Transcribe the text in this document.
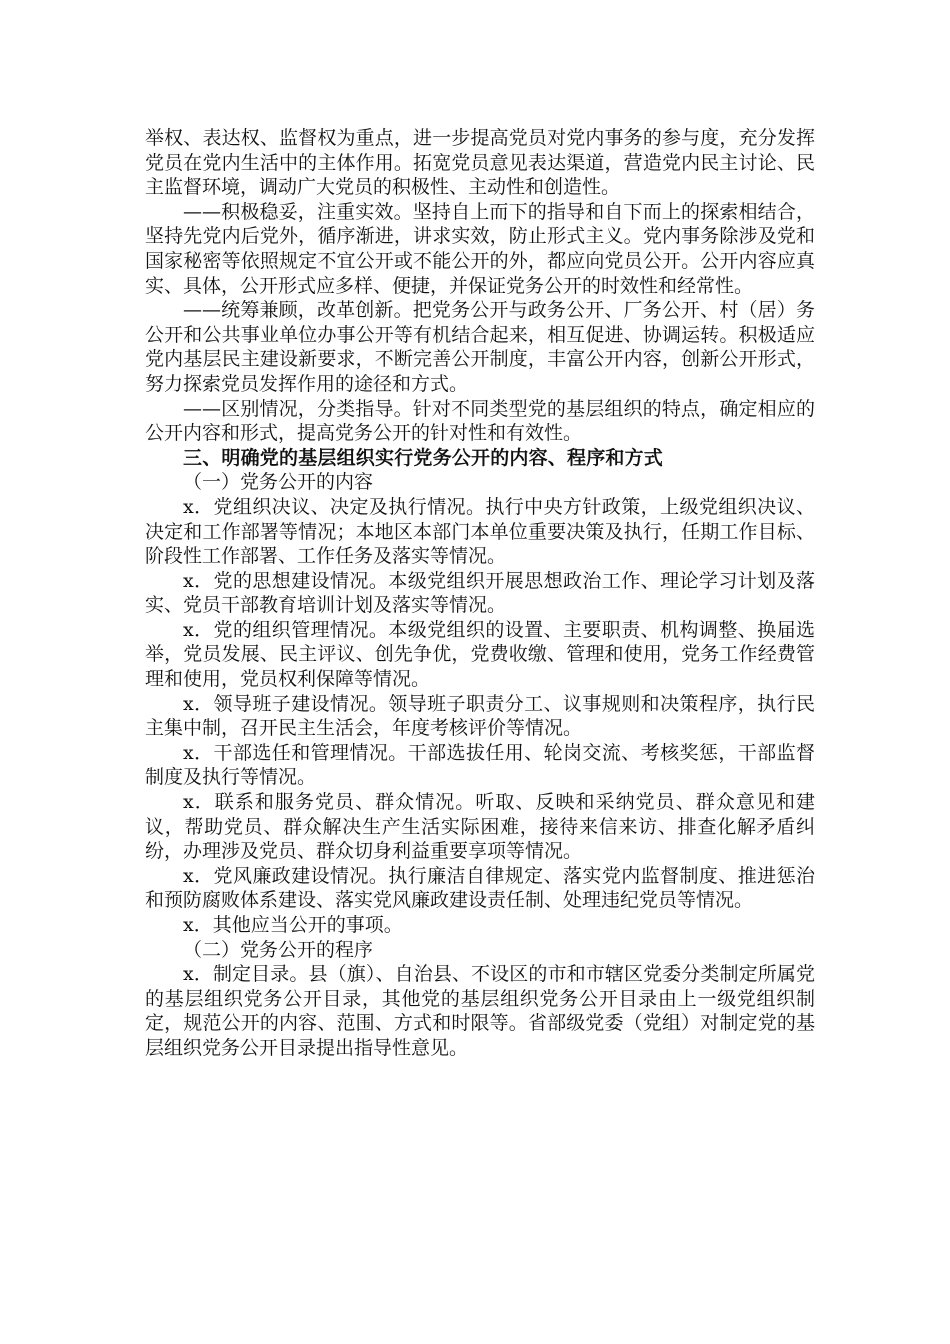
举权、表达权、监督权为重点，进一步提高党员对党内事务的参与度，充分发挥党员在党内生活中的主体作用。拓宽党员意见表达渠道，营造党内民主讨论、民主监督环境，调动广大党员的积极性、主动性和创造性。

——积极稳妥，注重实效。坚持自上而下的指导和自下而上的探索相结合，坚持先党内后党外，循序渐进，讲求实效，防止形式主义。党内事务除涉及党和国家秘密等依照规定不宜公开或不能公开的外，都应向党员公开。公开内容应真实、具体，公开形式应多样、便捷，并保证党务公开的时效性和经常性。

——统筹兼顾，改革创新。把党务公开与政务公开、厂务公开、村（居）务公开和公共事业单位办事公开等有机结合起来，相互促进、协调运转。积极适应党内基层民主建设新要求，不断完善公开制度，丰富公开内容，创新公开形式，努力探索党员发挥作用的途径和方式。

——区别情况，分类指导。针对不同类型党的基层组织的特点，确定相应的公开内容和形式，提高党务公开的针对性和有效性。

三、明确党的基层组织实行党务公开的内容、程序和方式

（一）党务公开的内容

x．党组织决议、决定及执行情况。执行中央方针政策，上级党组织决议、决定和工作部署等情况；本地区本部门本单位重要决策及执行，任期工作目标、阶段性工作部署、工作任务及落实等情况。

x．党的思想建设情况。本级党组织开展思想政治工作、理论学习计划及落实、党员干部教育培训计划及落实等情况。

x．党的组织管理情况。本级党组织的设置、主要职责、机构调整、换届选举，党员发展、民主评议、创先争优，党费收缴、管理和使用，党务工作经费管理和使用，党员权利保障等情况。

x．领导班子建设情况。领导班子职责分工、议事规则和决策程序，执行民主集中制，召开民主生活会，年度考核评价等情况。

x．干部选任和管理情况。干部选拔任用、轮岗交流、考核奖惩，干部监督制度及执行等情况。

x．联系和服务党员、群众情况。听取、反映和采纳党员、群众意见和建议，帮助党员、群众解决生产生活实际困难，接待来信来访、排查化解矛盾纠纷，办理涉及党员、群众切身利益重要享项等情况。

x．党风廉政建设情况。执行廉洁自律规定、落实党内监督制度、推进惩治和预防腐败体系建设、落实党风廉政建设责任制、处理违纪党员等情况。

x．其他应当公开的事项。

（二）党务公开的程序

x．制定目录。县（旗）、自治县、不设区的市和市辖区党委分类制定所属党的基层组织党务公开目录，其他党的基层组织党务公开目录由上一级党组织制定，规范公开的内容、范围、方式和时限等。省部级党委（党组）对制定党的基层组织党务公开目录提出指导性意见。
